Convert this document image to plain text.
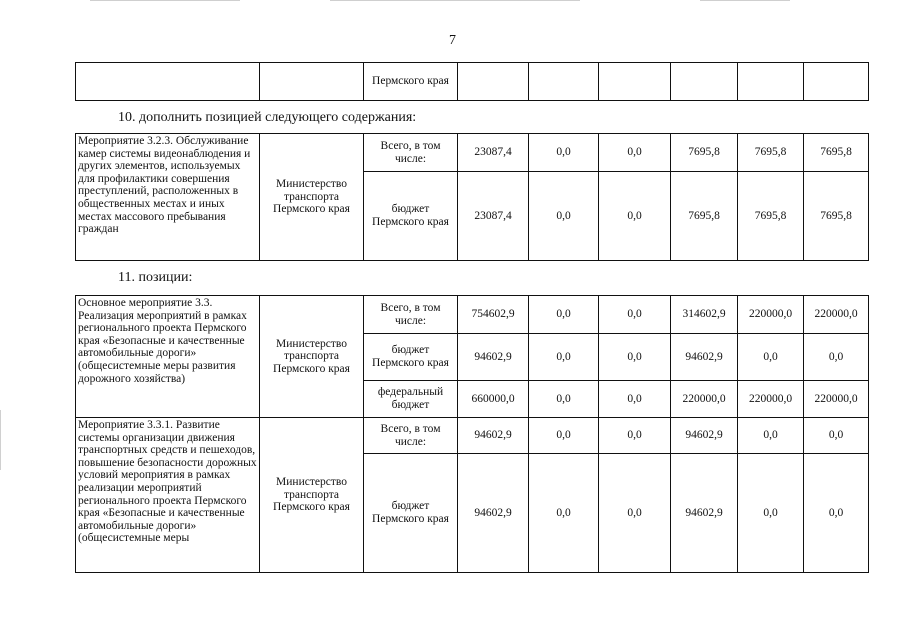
7
		Пермского края						
10. дополнить позицией следующего содержания:
Мероприятие 3.2.3. Обслуживание камер системы видеонаблюдения и других элементов, используемых для профилактики совершения преступлений, расположенных в общественных местах и иных местах массового пребывания граждан	Министерство транспорта Пермского края	Всего, в том числе:	23087,4	0,0	0,0	7695,8	7695,8	7695,8
		бюджет Пермского края	23087,4	0,0	0,0	7695,8	7695,8	7695,8
11. позиции:
Основное мероприятие 3.3. Реализация мероприятий в рамках регионального проекта Пермского края «Безопасные и качественные автомобильные дороги» (общесистемные меры развития дорожного хозяйства)	Министерство транспорта Пермского края	Всего, в том числе:	754602,9	0,0	0,0	314602,9	220000,0	220000,0
		бюджет Пермского края	94602,9	0,0	0,0	94602,9	0,0	0,0
		федеральный бюджет	660000,0	0,0	0,0	220000,0	220000,0	220000,0
Мероприятие 3.3.1. Развитие системы организации движения транспортных средств и пешеходов, повышение безопасности дорожных условий мероприятия в рамках реализации мероприятий регионального проекта Пермского края «Безопасные и качественные автомобильные дороги» (общесистемные меры	Министерство транспорта Пермского края	Всего, в том числе:	94602,9	0,0	0,0	94602,9	0,0	0,0
		бюджет Пермского края	94602,9	0,0	0,0	94602,9	0,0	0,0
